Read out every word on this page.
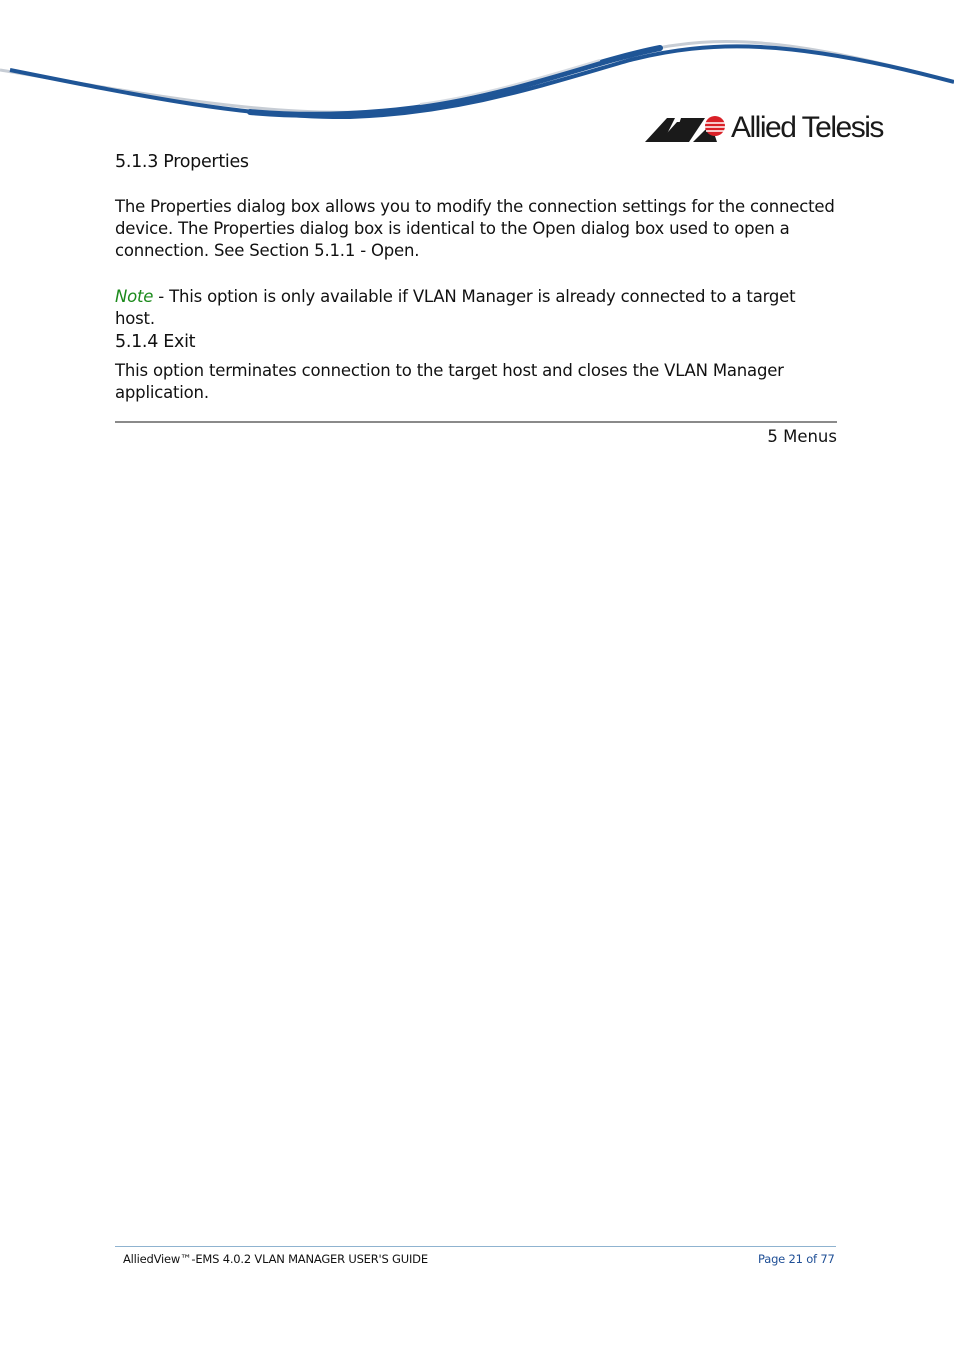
Allied Telesis
5.1.3 Properties

The Properties dialog box allows you to modify the connection settings for the connected device. The Properties dialog box is identical to the Open dialog box used to open a connection. See Section 5.1.1 - Open.

Note - This option is only available if VLAN Manager is already connected to a target host.

5.1.4 Exit

This option terminates connection to the target host and closes the VLAN Manager application.

5 Menus
AlliedView™-EMS 4.0.2 VLAN MANAGER USER'S GUIDE	Page 21 of 77
